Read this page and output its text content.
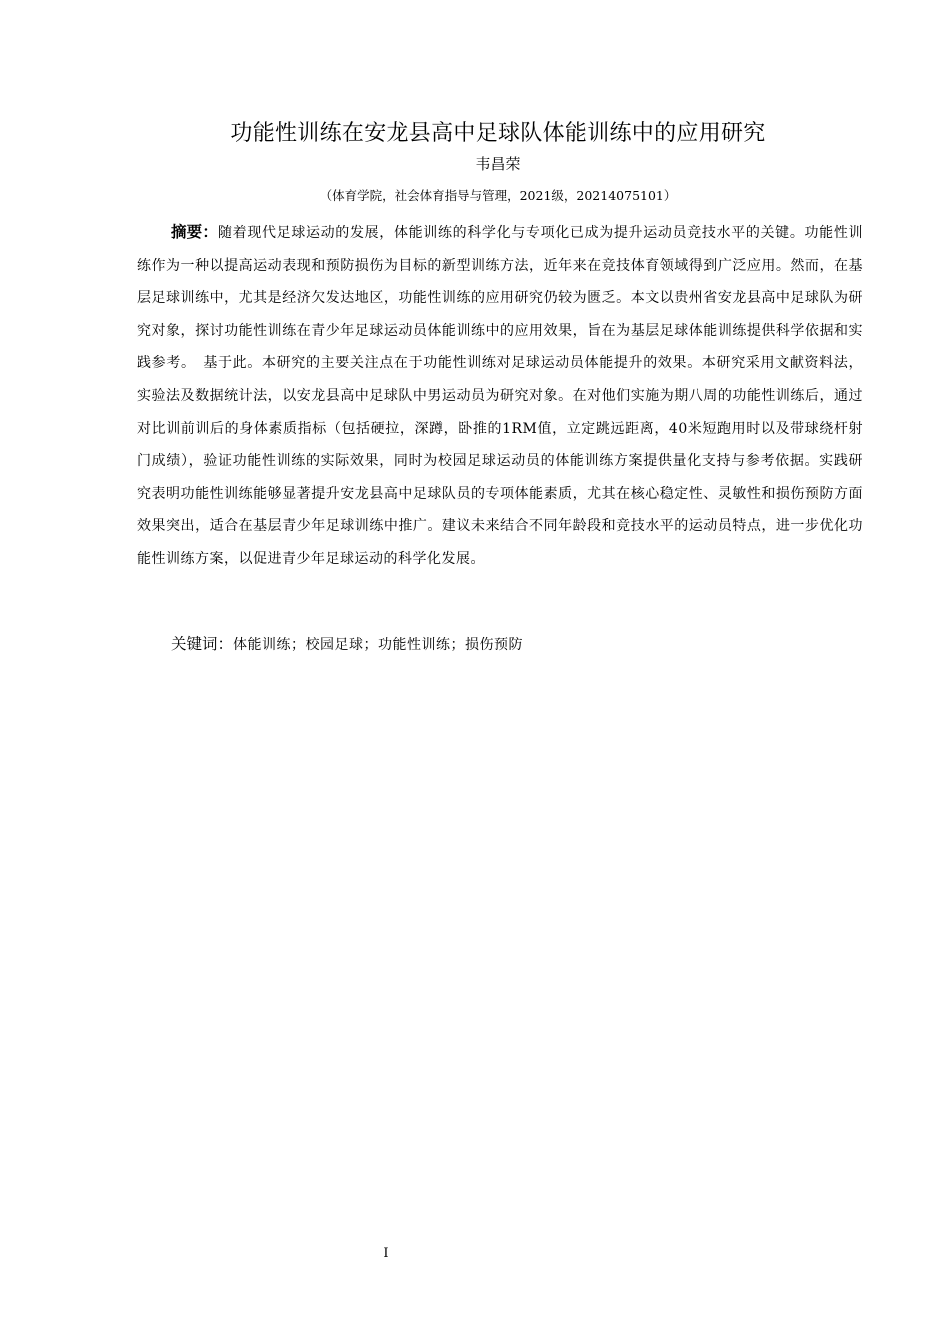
功能性训练在安龙县高中足球队体能训练中的应用研究
韦昌荣
（体育学院，社会体育指导与管理，2021级，20214075101）

摘要：随着现代足球运动的发展，体能训练的科学化与专项化已成为提升运动员竞技水平的关键。功能性训练作为一种以提高运动表现和预防损伤为目标的新型训练方法，近年来在竞技体育领域得到广泛应用。然而，在基层足球训练中，尤其是经济欠发达地区，功能性训练的应用研究仍较为匮乏。本文以贵州省安龙县高中足球队为研究对象，探讨功能性训练在青少年足球运动员体能训练中的应用效果，旨在为基层足球体能训练提供科学依据和实践参考。　基于此。本研究的主要关注点在于功能性训练对足球运动员体能提升的效果。本研究采用文献资料法，实验法及数据统计法，以安龙县高中足球队中男运动员为研究对象。在对他们实施为期八周的功能性训练后，通过对比训前训后的身体素质指标（包括硬拉，深蹲，卧推的1RM值，立定跳远距离，40米短跑用时以及带球绕杆射门成绩），验证功能性训练的实际效果，同时为校园足球运动员的体能训练方案提供量化支持与参考依据。实践研究表明功能性训练能够显著提升安龙县高中足球队员的专项体能素质，尤其在核心稳定性、灵敏性和损伤预防方面效果突出，适合在基层青少年足球训练中推广。建议未来结合不同年龄段和竞技水平的运动员特点，进一步优化功能性训练方案，以促进青少年足球运动的科学化发展。

关键词：体能训练；校园足球；功能性训练；损伤预防
I
